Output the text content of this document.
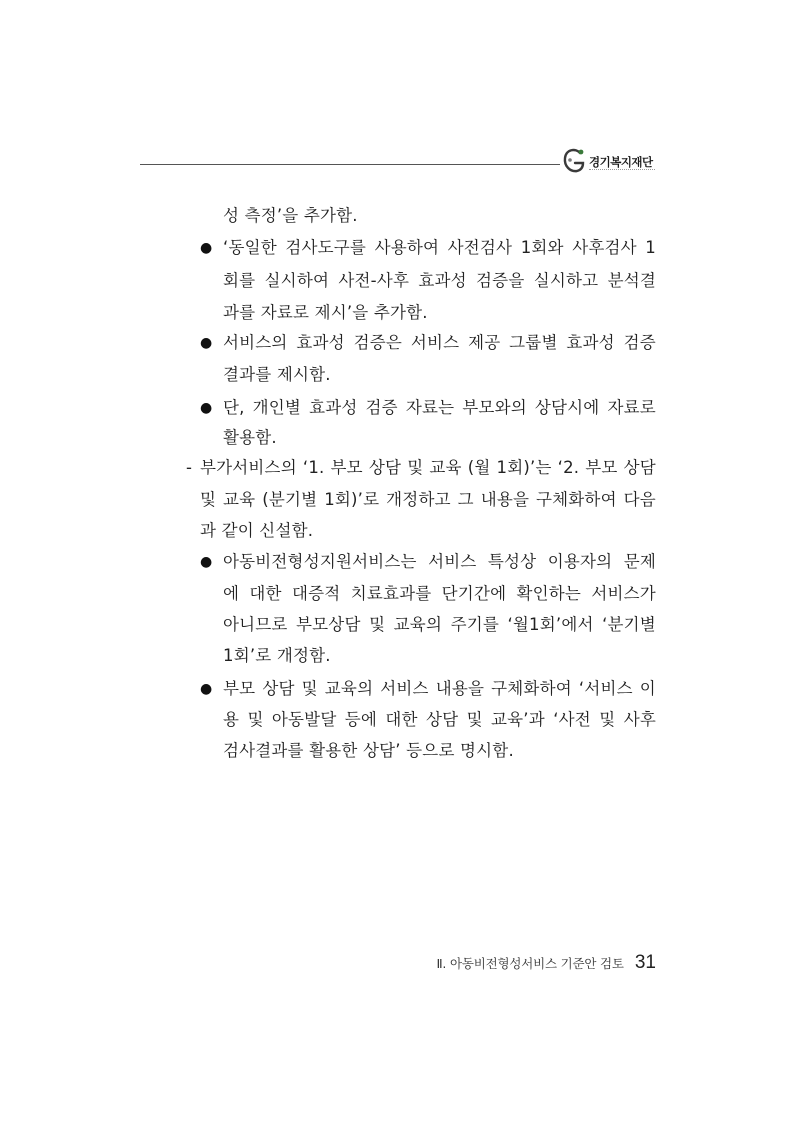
경기복지재단
성 측정’을 추가함.
● ‘동일한 검사도구를 사용하여 사전검사 1회와 사후검사 1
회를 실시하여 사전-사후 효과성 검증을 실시하고 분석결
과를 자료로 제시’을 추가함.
● 서비스의 효과성 검증은 서비스 제공 그룹별 효과성 검증
결과를 제시함.
● 단, 개인별 효과성 검증 자료는 부모와의 상담시에 자료로
활용함.
- 부가서비스의 ‘1. 부모 상담 및 교육 (월 1회)’는 ‘2. 부모 상담
및 교육 (분기별 1회)’로 개정하고 그 내용을 구체화하여 다음
과 같이 신설함.
● 아동비전형성지원서비스는 서비스 특성상 이용자의 문제
에 대한 대증적 치료효과를 단기간에 확인하는 서비스가
아니므로 부모상담 및 교육의 주기를 ‘월1회’에서 ‘분기별
1회’로 개정함.
● 부모 상담 및 교육의 서비스 내용을 구체화하여 ‘서비스 이
용 및 아동발달 등에 대한 상담 및 교육’과 ‘사전 및 사후
검사결과를 활용한 상담’ 등으로 명시함.
Ⅱ. 아동비전형성서비스 기준안 검토 31
